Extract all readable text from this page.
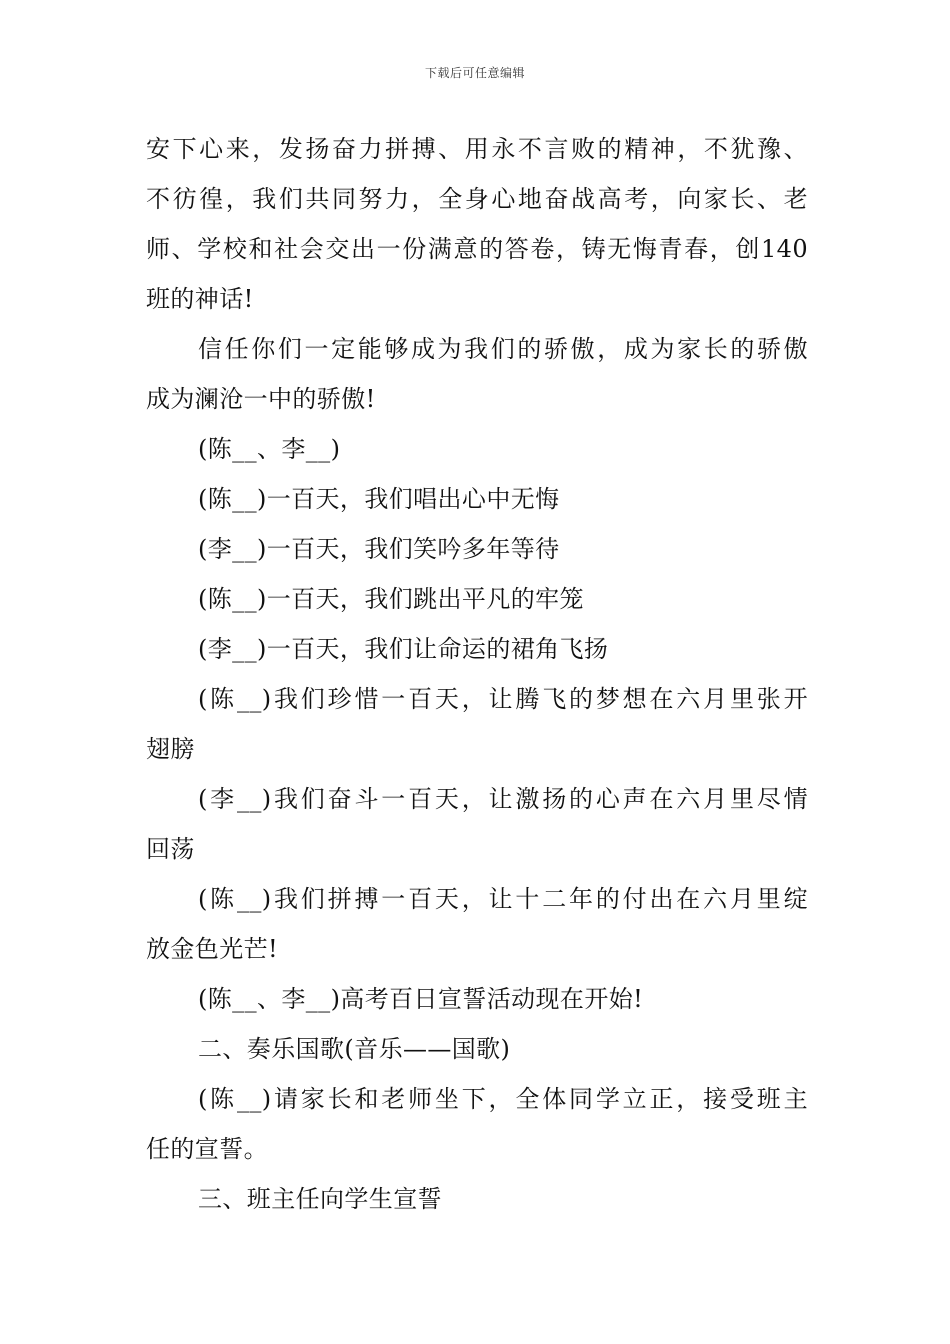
下载后可任意编辑
安下心来，发扬奋力拼搏、用永不言败的精神，不犹豫、
不彷徨，我们共同努力，全身心地奋战高考，向家长、老
师、学校和社会交出一份满意的答卷，铸无悔青春，创140
班的神话!
信任你们一定能够成为我们的骄傲，成为家长的骄傲
成为澜沧一中的骄傲!
(陈__、李__)
(陈__)一百天，我们唱出心中无悔
(李__)一百天，我们笑吟多年等待
(陈__)一百天，我们跳出平凡的牢笼
(李__)一百天，我们让命运的裙角飞扬
(陈__)我们珍惜一百天，让腾飞的梦想在六月里张开
翅膀
(李__)我们奋斗一百天，让激扬的心声在六月里尽情
回荡
(陈__)我们拼搏一百天，让十二年的付出在六月里绽
放金色光芒!
(陈__、李__)高考百日宣誓活动现在开始!
二、奏乐国歌(音乐——国歌)
(陈__)请家长和老师坐下，全体同学立正，接受班主
任的宣誓。
三、班主任向学生宣誓
